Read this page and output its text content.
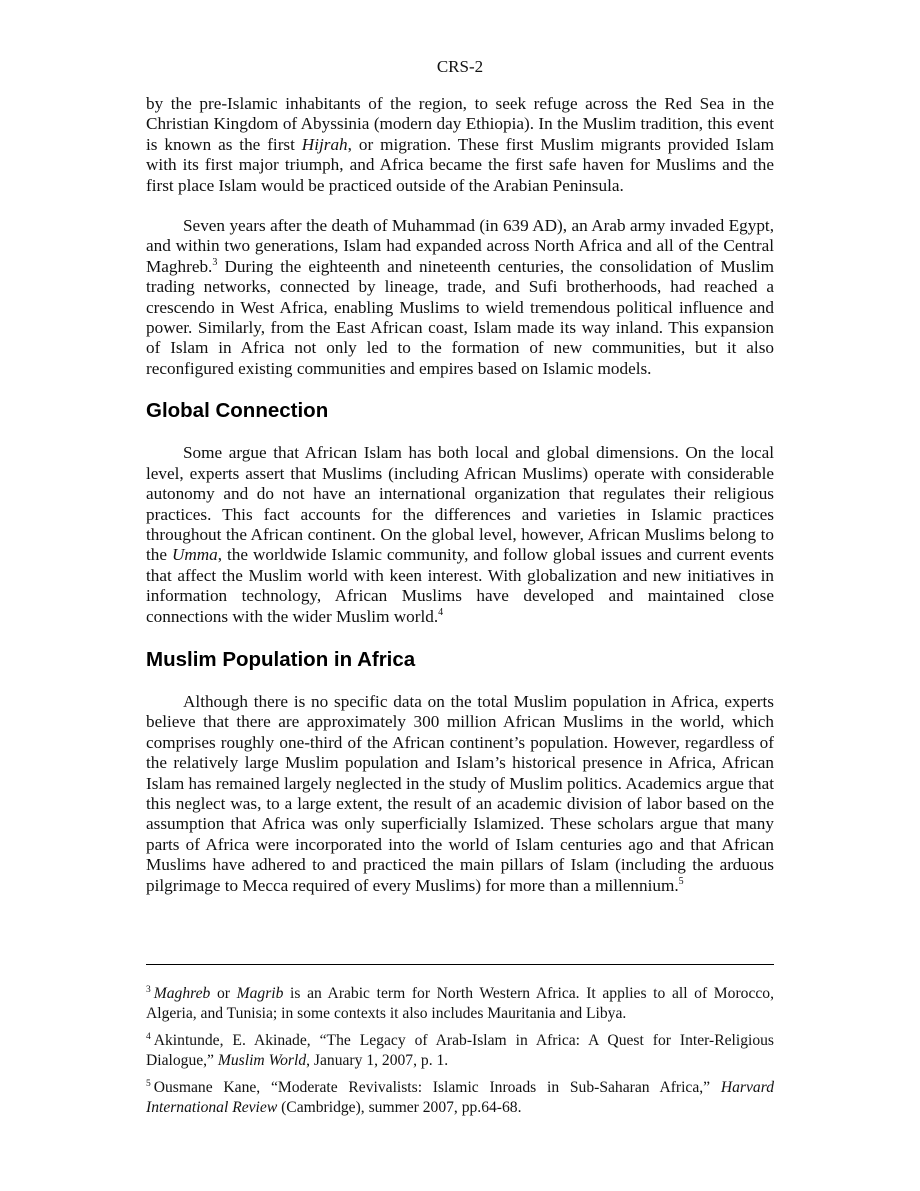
CRS-2

by the pre-Islamic inhabitants of the region, to seek refuge across the Red Sea in the Christian Kingdom of Abyssinia (modern day Ethiopia). In the Muslim tradition, this event is known as the first Hijrah, or migration. These first Muslim migrants provided Islam with its first major triumph, and Africa became the first safe haven for Muslims and the first place Islam would be practiced outside of the Arabian Peninsula.

Seven years after the death of Muhammad (in 639 AD), an Arab army invaded Egypt, and within two generations, Islam had expanded across North Africa and all of the Central Maghreb.$^3$ During the eighteenth and nineteenth centuries, the consolidation of Muslim trading networks, connected by lineage, trade, and Sufi brotherhoods, had reached a crescendo in West Africa, enabling Muslims to wield tremendous political influence and power. Similarly, from the East African coast, Islam made its way inland. This expansion of Islam in Africa not only led to the formation of new communities, but it also reconfigured existing communities and empires based on Islamic models.

Global Connection

Some argue that African Islam has both local and global dimensions. On the local level, experts assert that Muslims (including African Muslims) operate with considerable autonomy and do not have an international organization that regulates their religious practices. This fact accounts for the differences and varieties in Islamic practices throughout the African continent. On the global level, however, African Muslims belong to the Umma, the worldwide Islamic community, and follow global issues and current events that affect the Muslim world with keen interest. With globalization and new initiatives in information technology, African Muslims have developed and maintained close connections with the wider Muslim world.$^4$

Muslim Population in Africa

Although there is no specific data on the total Muslim population in Africa, experts believe that there are approximately 300 million African Muslims in the world, which comprises roughly one-third of the African continent’s population. However, regardless of the relatively large Muslim population and Islam’s historical presence in Africa, African Islam has remained largely neglected in the study of Muslim politics. Academics argue that this neglect was, to a large extent, the result of an academic division of labor based on the assumption that Africa was only superficially Islamized. These scholars argue that many parts of Africa were incorporated into the world of Islam centuries ago and that African Muslims have adhered to and practiced the main pillars of Islam (including the arduous pilgrimage to Mecca required of every Muslims) for more than a millennium.$^5$

$^3$ Maghreb or Magrib is an Arabic term for North Western Africa. It applies to all of Morocco, Algeria, and Tunisia; in some contexts it also includes Mauritania and Libya.

$^4$ Akintunde, E. Akinade, “The Legacy of Arab-Islam in Africa: A Quest for Inter-Religious Dialogue,” Muslim World, January 1, 2007, p. 1.

$^5$ Ousmane Kane, “Moderate Revivalists: Islamic Inroads in Sub-Saharan Africa,” Harvard International Review (Cambridge), summer 2007, pp.64-68.
